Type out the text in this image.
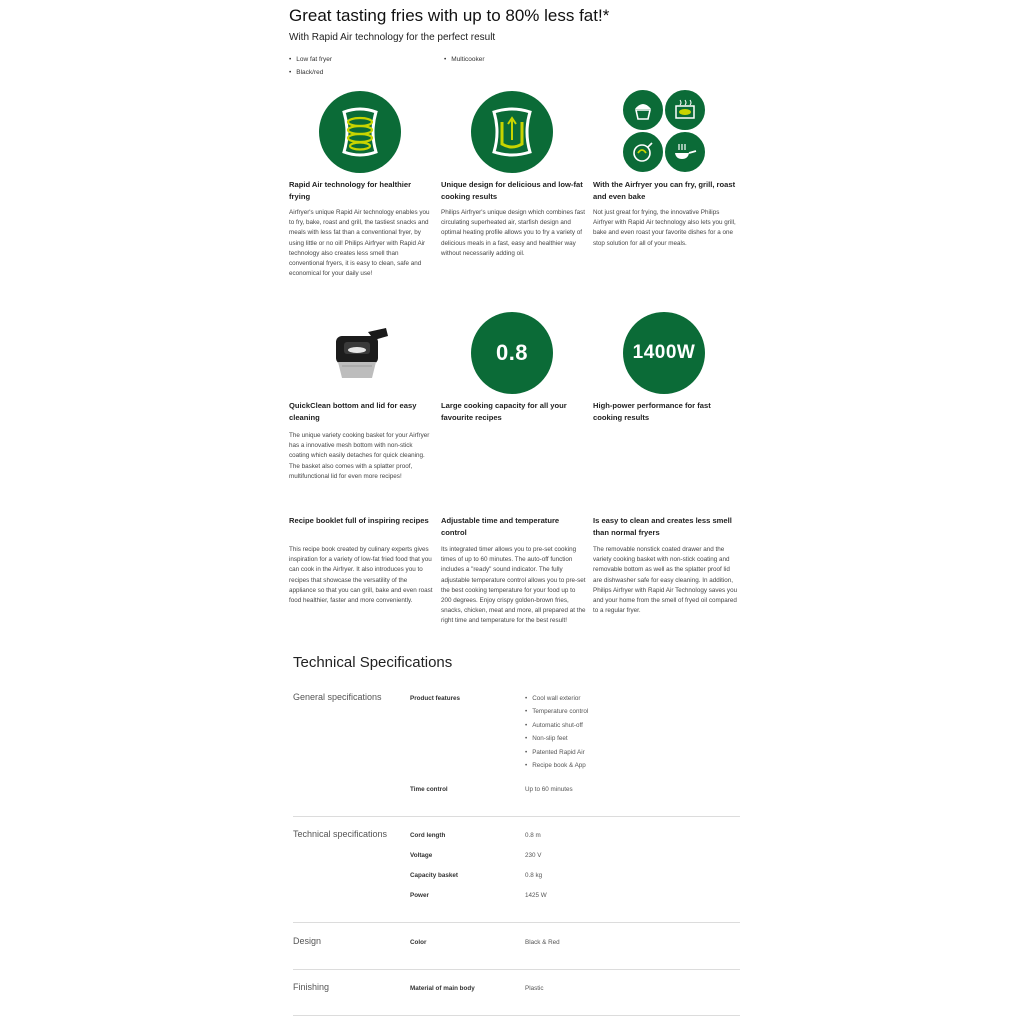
Great tasting fries with up to 80% less fat!*
With Rapid Air technology for the perfect result
• Low fat fryer
• Black/red
• Multicooker
Rapid Air technology for healthier frying
Airfryer's unique Rapid Air technology enables you to fry, bake, roast and grill, the tastiest snacks and meals with less fat than a conventional fryer, by using little or no oil! Philips Airfryer with Rapid Air technology also creates less smell than conventional fryers, it is easy to clean, safe and economical for your daily use!
Unique design for delicious and low-fat cooking results
Philips Airfryer's unique design which combines fast circulating superheated air, starfish design and optimal heating profile allows you to fry a variety of delicious meals in a fast, easy and healthier way without necessarily adding oil.
With the Airfryer you can fry, grill, roast and even bake
Not just great for frying, the innovative Philips Airfryer with Rapid Air technology also lets you grill, bake and even roast your favorite dishes for a one stop solution for all of your meals.
0.8	1400W
QuickClean bottom and lid for easy cleaning
The unique variety cooking basket for your Airfryer has a innovative mesh bottom with non-stick coating which easily detaches for quick cleaning. The basket also comes with a splatter proof, multifunctional lid for even more recipes!
Large cooking capacity for all your favourite recipes
High-power performance for fast cooking results
Recipe booklet full of inspiring recipes
This recipe book created by culinary experts gives inspiration for a variety of low-fat fried food that you can cook in the Airfryer. It also introduces you to recipes that showcase the versatility of the appliance so that you can grill, bake and even roast food healthier, faster and more conveniently.
Adjustable time and temperature control
Its integrated timer allows you to pre-set cooking times of up to 60 minutes. The auto-off function includes a "ready" sound indicator. The fully adjustable temperature control allows you to pre-set the best cooking temperature for your food up to 200 degrees. Enjoy crispy golden-brown fries, snacks, chicken, meat and more, all prepared at the right time and temperature for the best result!
Is easy to clean and creates less smell than normal fryers
The removable nonstick coated drawer and the variety cooking basket with non-stick coating and removable bottom as well as the splatter proof lid are dishwasher safe for easy cleaning. In addition, Philips Airfryer with Rapid Air Technology saves you and your home from the smell of fryed oil compared to a regular fryer.
Technical Specifications
General specifications	Product features
•	Cool wall exterior
• Temperature control
• Automatic shut-off
• Non-slip feet
• Patented Rapid Air
• Recipe book & App
Time control	Up to 60 minutes
Technical specifications	Cord length	0.8 m
Voltage	230 V
Capacity basket	0.8 kg
Power	1425 W
Design	Color	Black & Red
Finishing	Material of main body	Plastic
